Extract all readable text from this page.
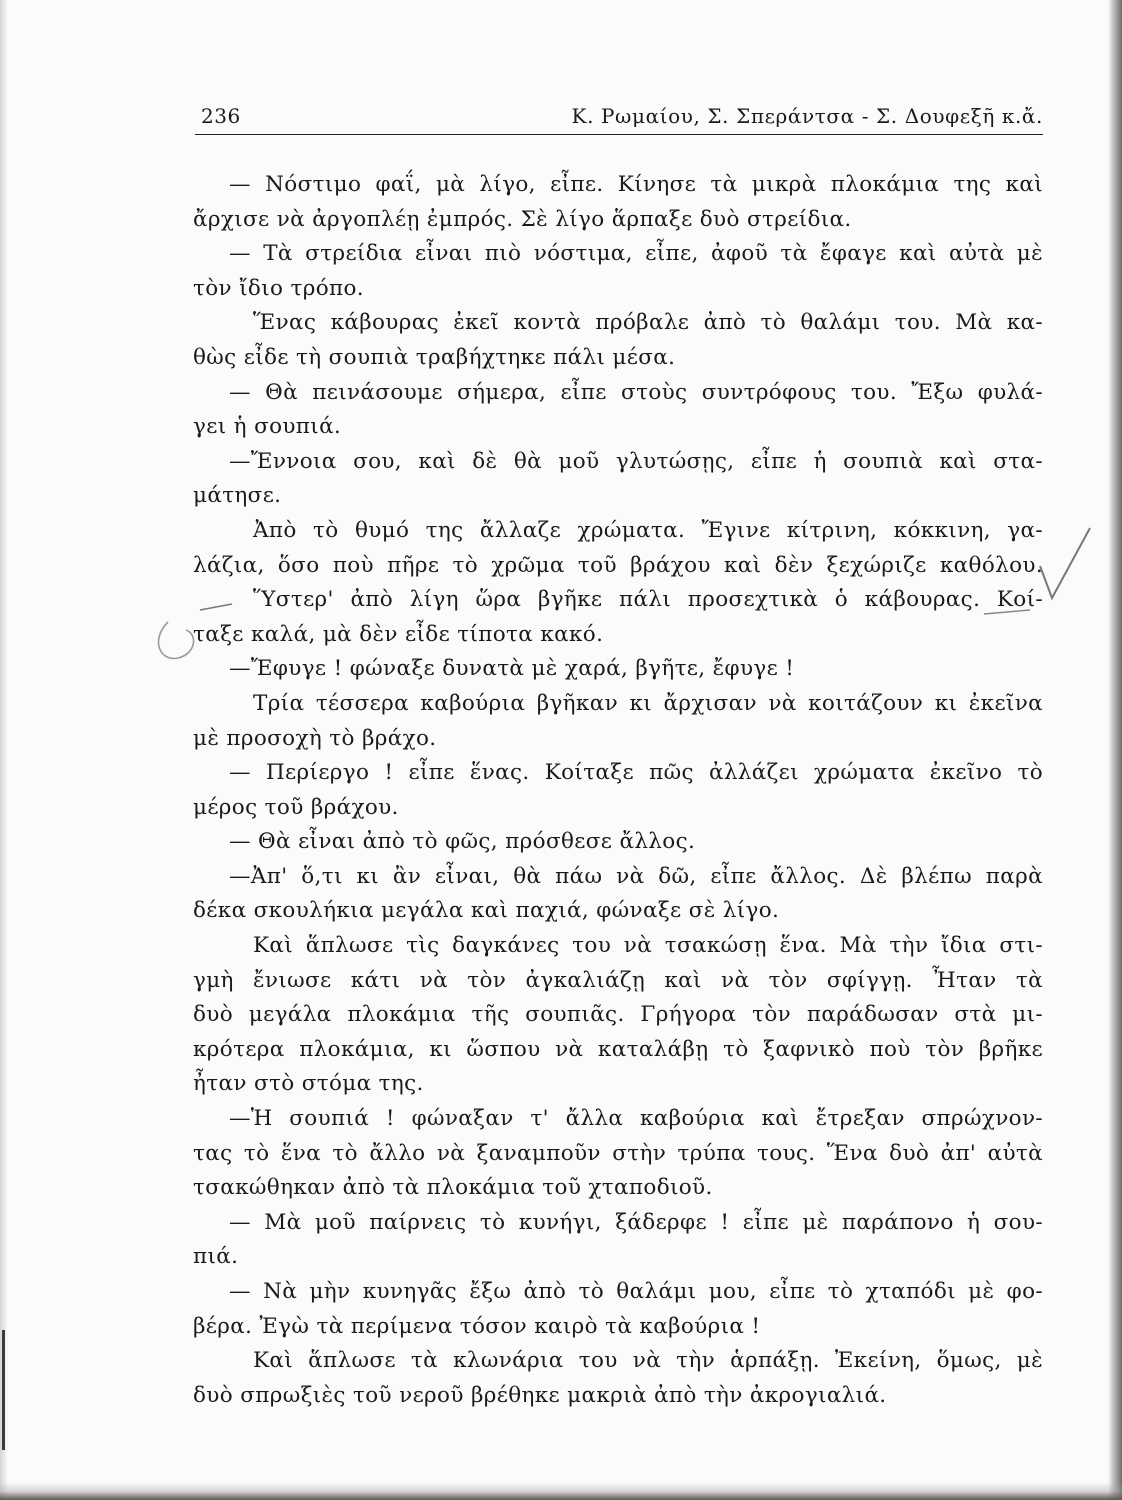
236	Κ. Ρωμαίου, Σ. Σπεράντσα - Σ. Δουφεξῆ κ.ἄ.
— Νόστιμο φαΐ, μὰ λίγο, εἶπε. Κίνησε τὰ μικρὰ πλοκάμια της καὶ
ἄρχισε νὰ ἀργοπλέῃ ἐμπρός. Σὲ λίγο ἅρπαξε δυὸ στρείδια.
— Τὰ στρείδια εἶναι πιὸ νόστιμα, εἶπε, ἀφοῦ τὰ ἔφαγε καὶ αὐτὰ μὲ
τὸν ἴδιο τρόπο.
Ἕνας κάβουρας ἐκεῖ κοντὰ πρόβαλε ἀπὸ τὸ θαλάμι του. Μὰ κα-
θὼς εἶδε τὴ σουπιὰ τραβήχτηκε πάλι μέσα.
— Θὰ πεινάσουμε σήμερα, εἶπε στοὺς συντρόφους του. Ἔξω φυλά-
γει ἡ σουπιά.
—Ἔννοια σου, καὶ δὲ θὰ μοῦ γλυτώσῃς, εἶπε ἡ σουπιὰ καὶ στα-
μάτησε.
Ἀπὸ τὸ θυμό της ἄλλαζε χρώματα. Ἔγινε κίτρινη, κόκκινη, γα-
λάζια, ὅσο ποὺ πῆρε τὸ χρῶμα τοῦ βράχου καὶ δὲν ξεχώριζε καθόλου.
Ὕστερ' ἀπὸ λίγη ὥρα βγῆκε πάλι προσεχτικὰ ὁ κάβουρας. Κοί-
ταξε καλά, μὰ δὲν εἶδε τίποτα κακό.
—Ἔφυγε ! φώναξε δυνατὰ μὲ χαρά, βγῆτε, ἔφυγε !
Τρία τέσσερα καβούρια βγῆκαν κι ἄρχισαν νὰ κοιτάζουν κι ἐκεῖνα
μὲ προσοχὴ τὸ βράχο.
— Περίεργο ! εἶπε ἕνας. Κοίταξε πῶς ἀλλάζει χρώματα ἐκεῖνο τὸ
μέρος τοῦ βράχου.
— Θὰ εἶναι ἀπὸ τὸ φῶς, πρόσθεσε ἄλλος.
—Ἀπ' ὅ,τι κι ἂν εἶναι, θὰ πάω νὰ δῶ, εἶπε ἄλλος. Δὲ βλέπω παρὰ
δέκα σκουλήκια μεγάλα καὶ παχιά, φώναξε σὲ λίγο.
Καὶ ἅπλωσε τὶς δαγκάνες του νὰ τσακώσῃ ἕνα. Μὰ τὴν ἴδια στι-
γμὴ ἔνιωσε κάτι νὰ τὸν ἀγκαλιάζῃ καὶ νὰ τὸν σφίγγῃ. Ἦταν τὰ
δυὸ μεγάλα πλοκάμια τῆς σουπιᾶς. Γρήγορα τὸν παράδωσαν στὰ μι-
κρότερα πλοκάμια, κι ὥσπου νὰ καταλάβῃ τὸ ξαφνικὸ ποὺ τὸν βρῆκε
ἦταν στὸ στόμα της.
—Ἡ σουπιά ! φώναξαν τ' ἄλλα καβούρια καὶ ἔτρεξαν σπρώχνον-
τας τὸ ἕνα τὸ ἄλλο νὰ ξαναμποῦν στὴν τρύπα τους. Ἕνα δυὸ ἀπ' αὐτὰ
τσακώθηκαν ἀπὸ τὰ πλοκάμια τοῦ χταποδιοῦ.
— Μὰ μοῦ παίρνεις τὸ κυνήγι, ξάδερφε ! εἶπε μὲ παράπονο ἡ σου-
πιά.
— Νὰ μὴν κυνηγᾶς ἔξω ἀπὸ τὸ θαλάμι μου, εἶπε τὸ χταπόδι μὲ φο-
βέρα. Ἐγὼ τὰ περίμενα τόσον καιρὸ τὰ καβούρια !
Καὶ ἅπλωσε τὰ κλωνάρια του νὰ τὴν ἁρπάξῃ. Ἐκείνη, ὅμως, μὲ
δυὸ σπρωξιὲς τοῦ νεροῦ βρέθηκε μακριὰ ἀπὸ τὴν ἀκρογιαλιά.
